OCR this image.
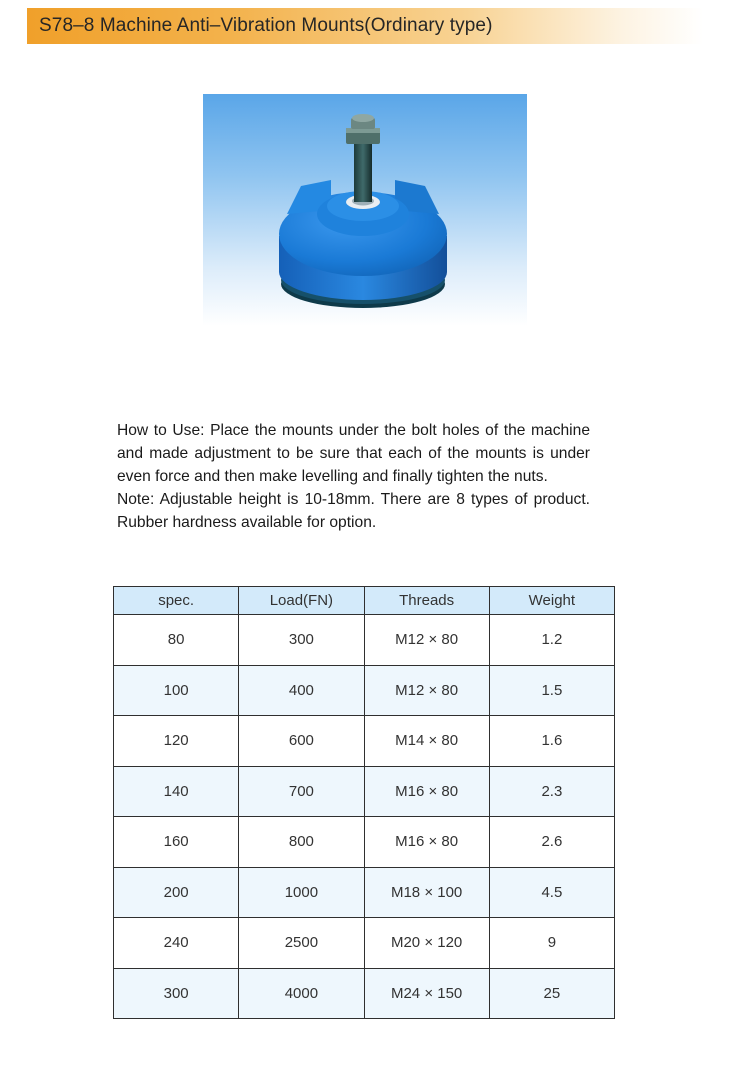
S78–8 Machine Anti–Vibration Mounts(Ordinary type)

How to Use: Place the mounts under the bolt holes of the machine and made adjustment to be sure that each of the mounts is under even force and then make levelling and finally tighten the nuts.

Note: Adjustable height is 10-18mm. There are 8 types of product. Rubber hardness available for option.

spec.	Load(FN)	Threads	Weight
80	300	M12 × 80	1.2
100	400	M12 × 80	1.5
120	600	M14 × 80	1.6
140	700	M16 × 80	2.3
160	800	M16 × 80	2.6
200	1000	M18 × 100	4.5
240	2500	M20 × 120	9
300	4000	M24 × 150	25
